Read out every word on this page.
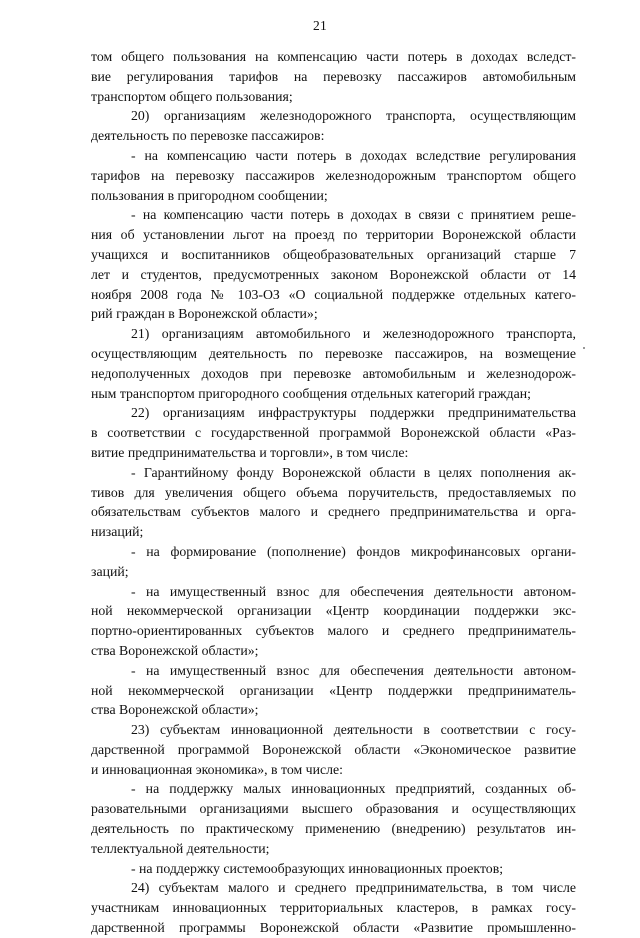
21
том общего пользования на компенсацию части потерь в доходах вследст-
вие регулирования тарифов на перевозку пассажиров автомобильным
транспортом общего пользования;
20) организациям железнодорожного транспорта, осуществляющим
деятельность по перевозке пассажиров:
- на компенсацию части потерь в доходах вследствие регулирования
тарифов на перевозку пассажиров железнодорожным транспортом общего
пользования в пригородном сообщении;
- на компенсацию части потерь в доходах в связи с принятием реше-
ния об установлении льгот на проезд по территории Воронежской области
учащихся и воспитанников общеобразовательных организаций старше 7
лет и студентов, предусмотренных законом Воронежской области от 14
ноября 2008 года № 103-ОЗ «О социальной поддержке отдельных катего-
рий граждан в Воронежской области»;
21) организациям автомобильного и железнодорожного транспорта,
осуществляющим деятельность по перевозке пассажиров, на возмещение
недополученных доходов при перевозке автомобильным и железнодорож-
ным транспортом пригородного сообщения отдельных категорий граждан;
22) организациям инфраструктуры поддержки предпринимательства
в соответствии с государственной программой Воронежской области «Раз-
витие предпринимательства и торговли», в том числе:
- Гарантийному фонду Воронежской области в целях пополнения ак-
тивов для увеличения общего объема поручительств, предоставляемых по
обязательствам субъектов малого и среднего предпринимательства и орга-
низаций;
- на формирование (пополнение) фондов микрофинансовых органи-
заций;
- на имущественный взнос для обеспечения деятельности автоном-
ной некоммерческой организации «Центр координации поддержки экс-
портно-ориентированных субъектов малого и среднего предприниматель-
ства Воронежской области»;
- на имущественный взнос для обеспечения деятельности автоном-
ной некоммерческой организации «Центр поддержки предприниматель-
ства Воронежской области»;
23) субъектам инновационной деятельности в соответствии с госу-
дарственной программой Воронежской области «Экономическое развитие
и инновационная экономика», в том числе:
- на поддержку малых инновационных предприятий, созданных об-
разовательными организациями высшего образования и осуществляющих
деятельность по практическому применению (внедрению) результатов ин-
теллектуальной деятельности;
- на поддержку системообразующих инновационных проектов;
24) субъектам малого и среднего предпринимательства, в том числе
участникам инновационных территориальных кластеров, в рамках госу-
дарственной программы Воронежской области «Развитие промышленно-
